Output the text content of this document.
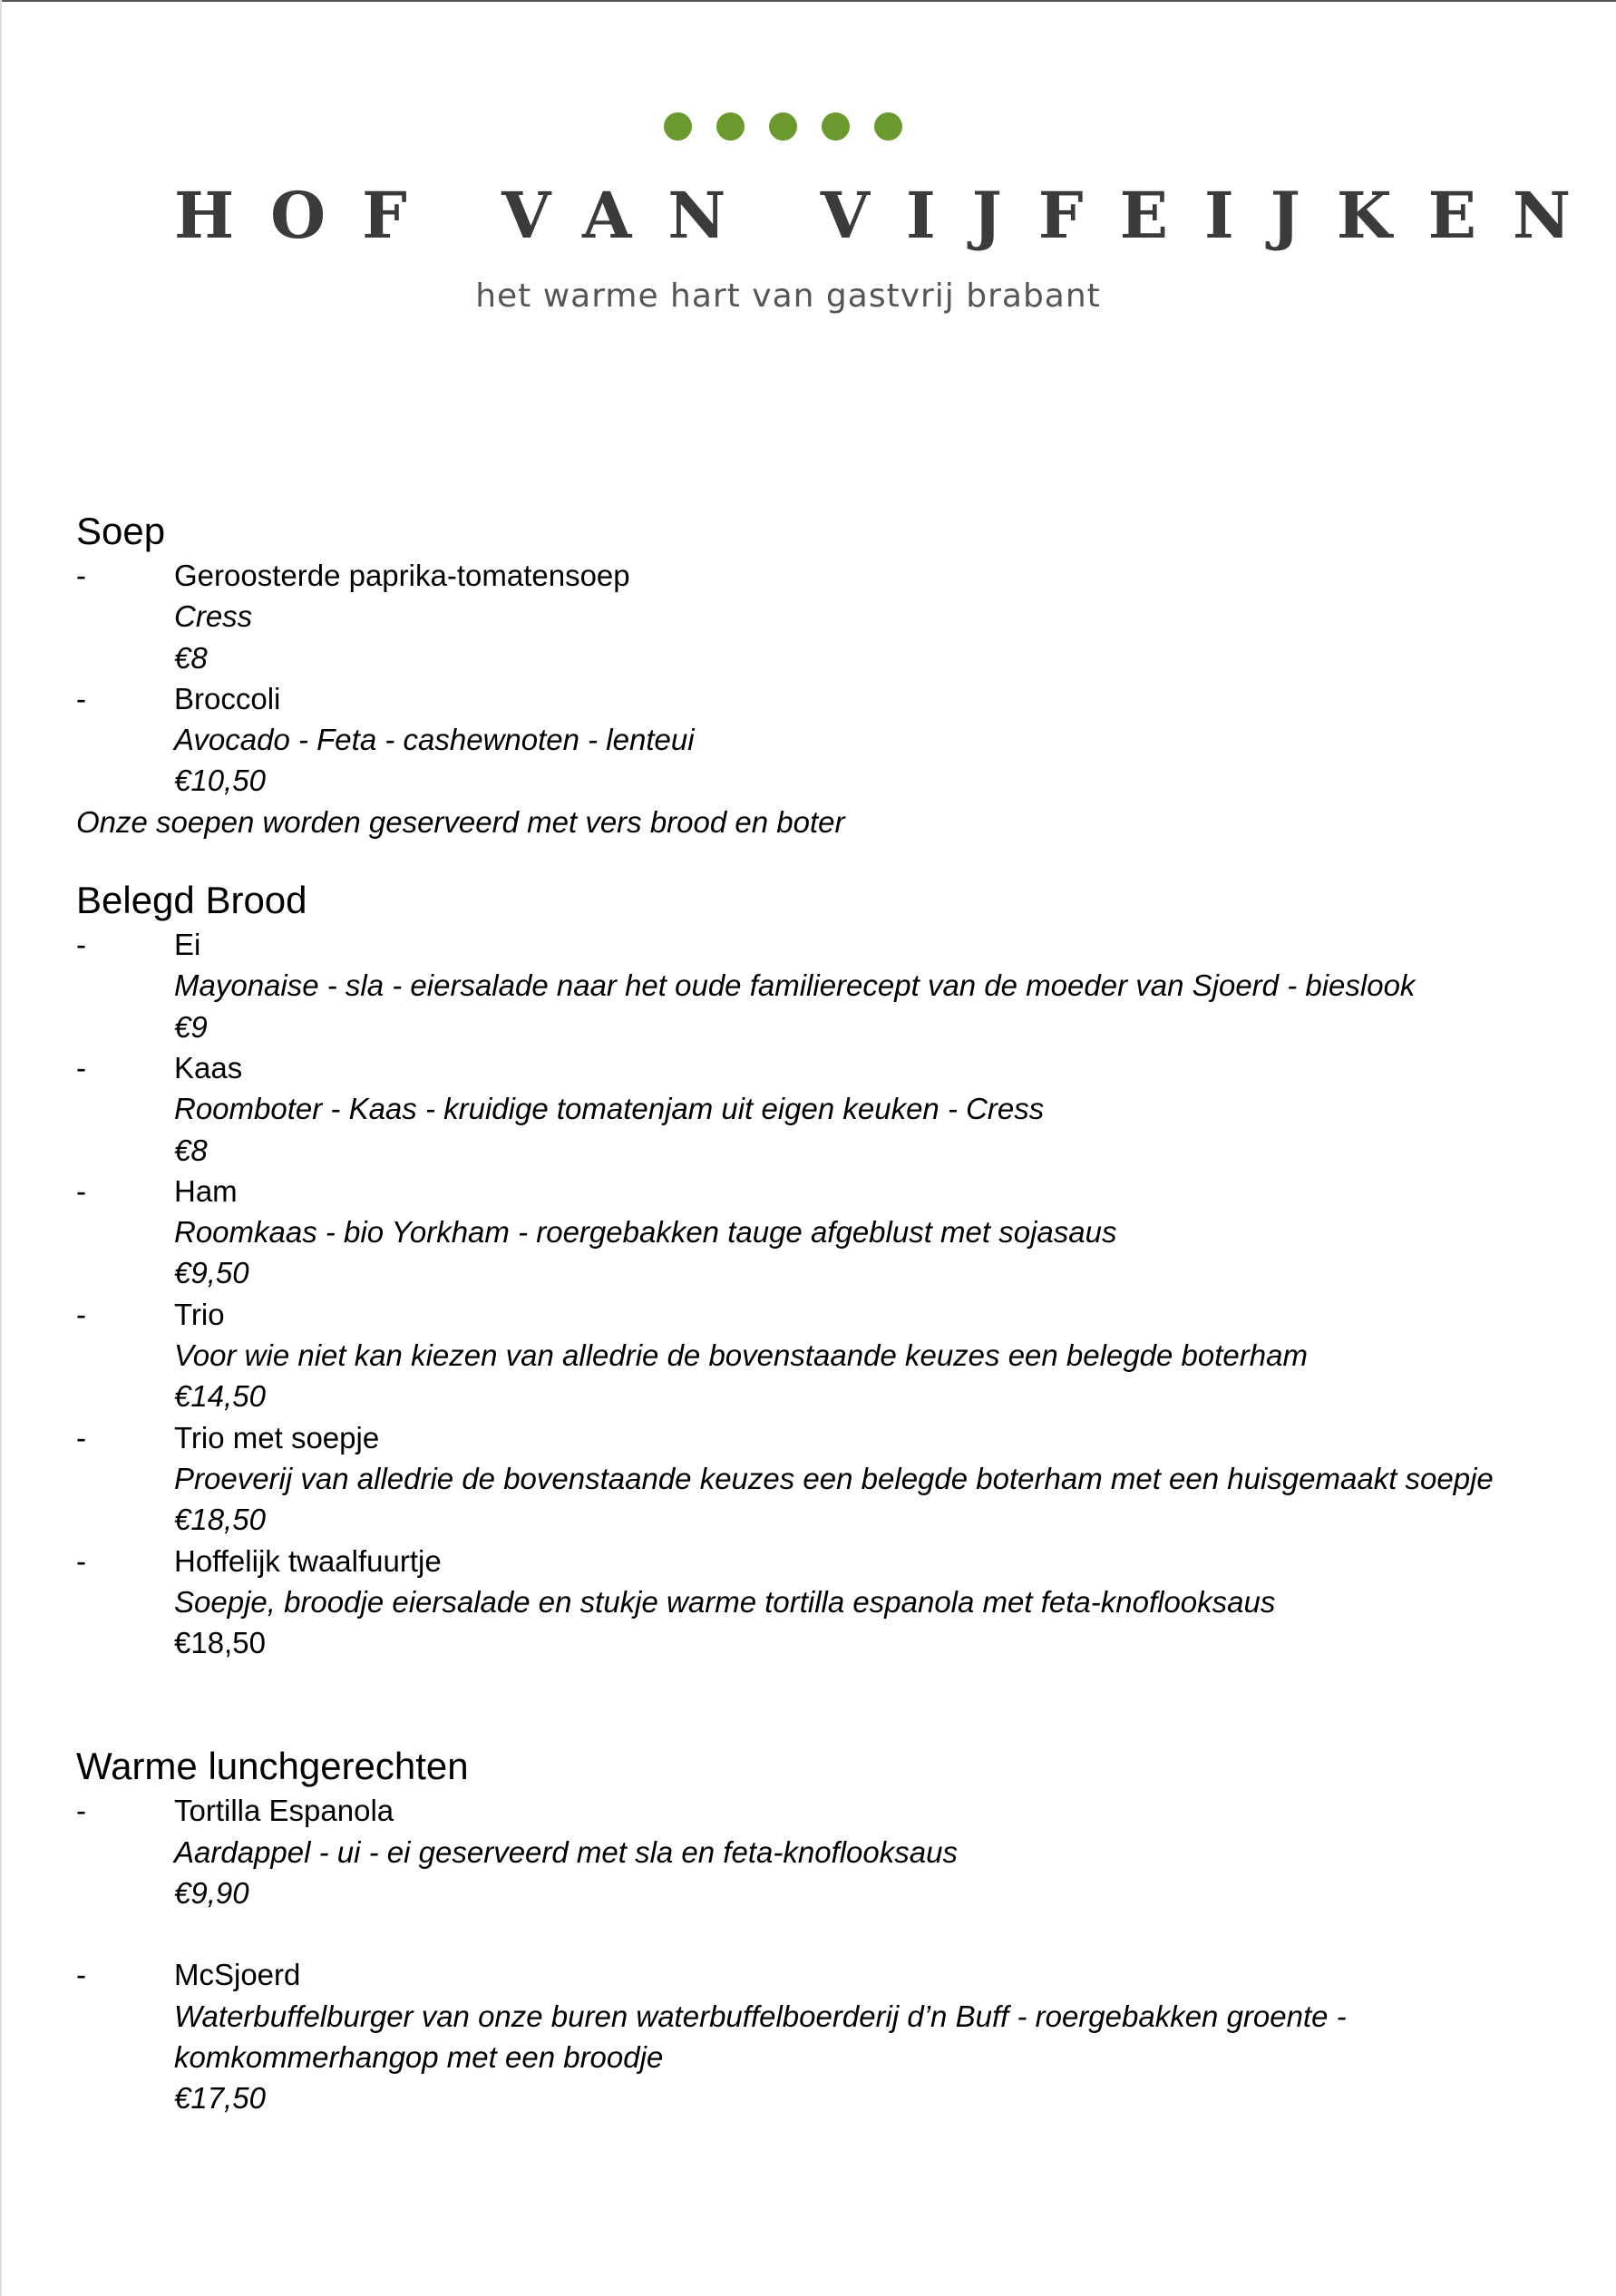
HOF VAN VIJFEIJKEN
het warme hart van gastvrij brabant
Soep
-	Geroosterde paprika-tomatensoep
Cress
€8
-	Broccoli
Avocado - Feta - cashewnoten - lenteui
€10,50
Onze soepen worden geserveerd met vers brood en boter
Belegd Brood
-	Ei
Mayonaise - sla - eiersalade naar het oude familierecept van de moeder van Sjoerd - bieslook
€9
-	Kaas
Roomboter - Kaas - kruidige tomatenjam uit eigen keuken - Cress
€8
-	Ham
Roomkaas - bio Yorkham - roergebakken tauge afgeblust met sojasaus
€9,50
-	Trio
Voor wie niet kan kiezen van alledrie de bovenstaande keuzes een belegde boterham
€14,50
-	Trio met soepje
Proeverij van alledrie de bovenstaande keuzes een belegde boterham met een huisgemaakt soepje
€18,50
-	Hoffelijk twaalfuurtje
Soepje, broodje eiersalade en stukje warme tortilla espanola met feta-knoflooksaus
€18,50
Warme lunchgerechten
-	Tortilla Espanola
Aardappel - ui - ei geserveerd met sla en feta-knoflooksaus
€9,90
-	McSjoerd
Waterbuffelburger van onze buren waterbuffelboerderij d’n Buff - roergebakken groente - komkommerhangop met een broodje
€17,50
